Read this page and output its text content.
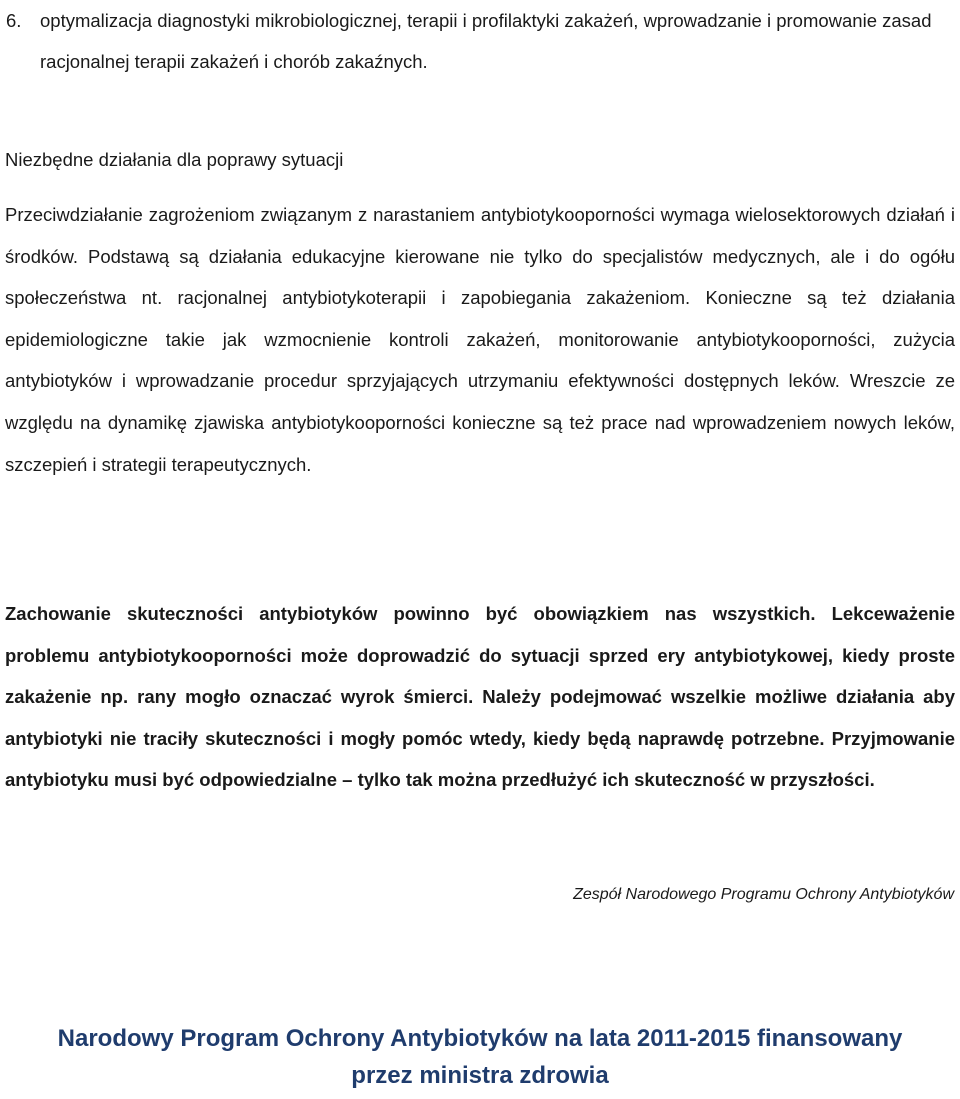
6. optymalizacja diagnostyki mikrobiologicznej, terapii i profilaktyki zakażeń, wprowadzanie i promowanie zasad racjonalnej terapii zakażeń i chorób zakaźnych.
Niezbędne działania dla poprawy sytuacji
Przeciwdziałanie zagrożeniom związanym z narastaniem antybiotykooporności wymaga wielosektorowych działań i środków. Podstawą są działania edukacyjne kierowane nie tylko do specjalistów medycznych, ale i do ogółu społeczeństwa nt. racjonalnej antybiotykoterapii i zapobiegania zakażeniom. Konieczne są też działania epidemiologiczne takie jak wzmocnienie kontroli zakażeń, monitorowanie antybiotykooporności, zużycia antybiotyków i wprowadzanie procedur sprzyjających utrzymaniu efektywności dostępnych leków. Wreszcie ze względu na dynamikę zjawiska antybiotykooporności konieczne są też prace nad wprowadzeniem nowych leków, szczepień i strategii terapeutycznych.
Zachowanie skuteczności antybiotyków powinno być obowiązkiem nas wszystkich. Lekceważenie problemu antybiotykooporności może doprowadzić do sytuacji sprzed ery antybiotykowej, kiedy proste zakażenie np. rany mogło oznaczać wyrok śmierci. Należy podejmować wszelkie możliwe działania aby antybiotyki nie traciły skuteczności i mogły pomóc wtedy, kiedy będą naprawdę potrzebne. Przyjmowanie antybiotyku musi być odpowiedzialne – tylko tak można przedłużyć ich skuteczność w przyszłości.
Zespół Narodowego Programu Ochrony Antybiotyków
Narodowy Program Ochrony Antybiotyków na lata 2011-2015 finansowany
przez ministra zdrowia
